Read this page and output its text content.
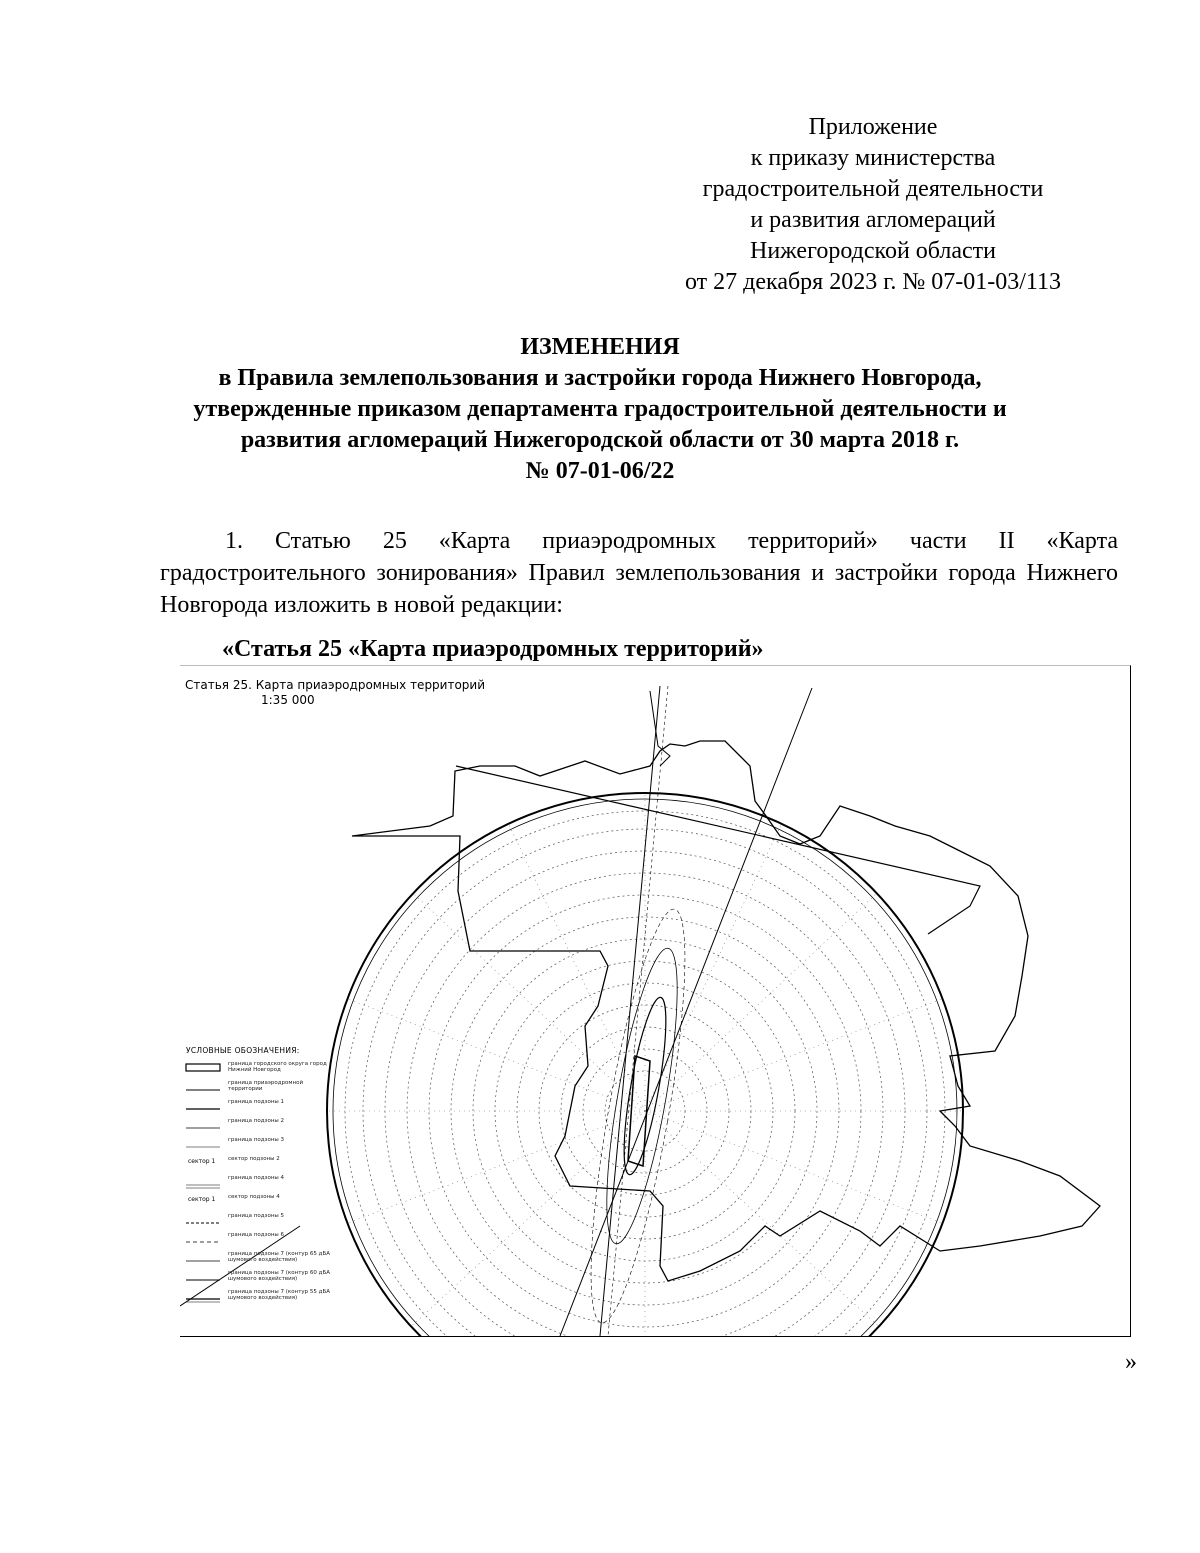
Приложение
к приказу министерства
градостроительной деятельности
и развития агломераций
Нижегородской области
от 27 декабря 2023 г. № 07-01-03/113
ИЗМЕНЕНИЯ
в Правила землепользования и застройки города Нижнего Новгорода,
утвержденные приказом департамента градостроительной деятельности и
развития агломераций Нижегородской области от 30 марта 2018 г.
№ 07-01-06/22
1. Статью 25 «Карта приаэродромных территорий» части II «Карта
градостроительного зонирования» Правил землепользования и застройки города Нижнего Новгорода изложить в новой редакции:
«Статья 25 «Карта приаэродромных территорий»
Статья 25. Карта приаэродромных территорий
1:35 000
УСЛОВНЫЕ ОБОЗНАЧЕНИЯ:
граница городского округа город Нижний Новгород
граница приаэродромной территории
граница подзоны 1
граница подзоны 2
граница подзоны 3
сектор 1 сектор подзоны 2
граница подзоны 4
сектор 1 сектор подзоны 4
граница подзоны 5
граница подзоны 6
граница подзоны 7 (контур 65 дБА шумового воздействия)
граница подзоны 7 (контур 60 дБА шумового воздействия)
граница подзоны 7 (контур 55 дБА шумового воздействия)
»
